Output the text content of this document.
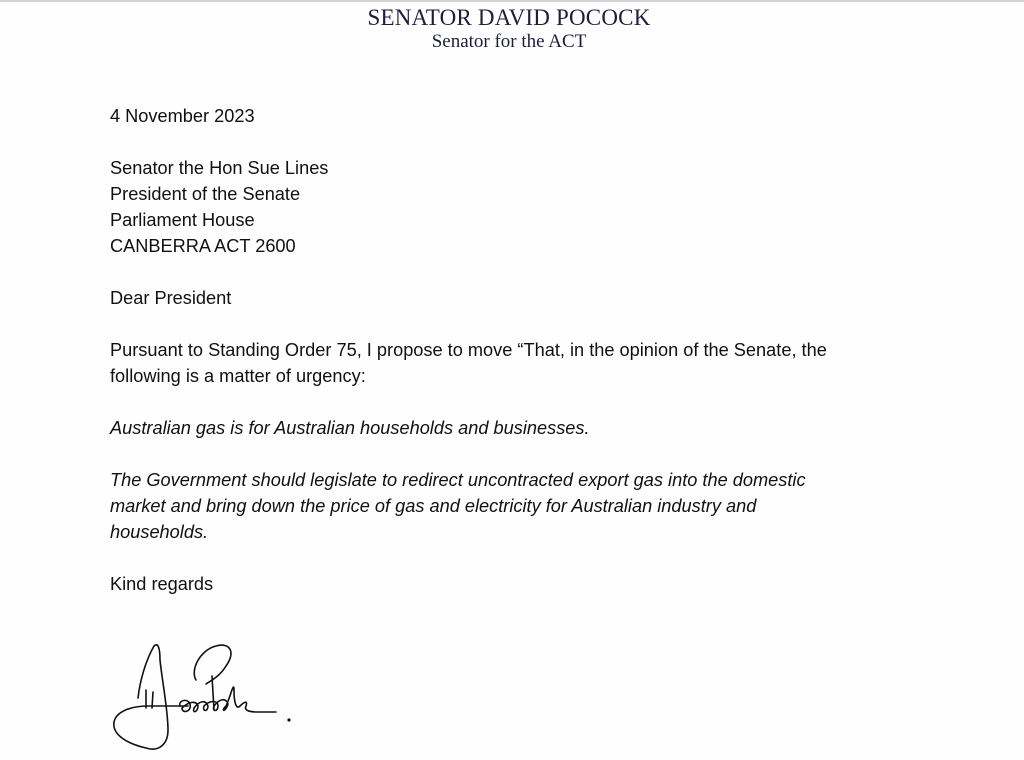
SENATOR DAVID POCOCK
Senator for the ACT

4 November 2023

Senator the Hon Sue Lines

President of the Senate

Parliament House

CANBERRA ACT 2600

Dear President

Pursuant to Standing Order 75, I propose to move “That, in the opinion of the Senate, the

following is a matter of urgency:

Australian gas is for Australian households and businesses.

The Government should legislate to redirect uncontracted export gas into the domestic

market and bring down the price of gas and electricity for Australian industry and

households.

Kind regards
